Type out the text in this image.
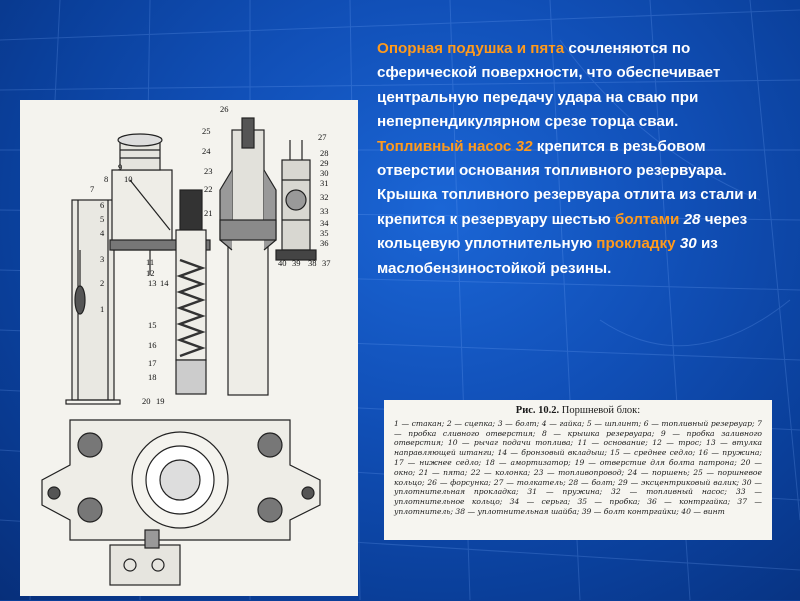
8
7
6
5
4
3
2
1
9
10
11
12
13 14
26
25
24
23
22
21
15
16
17
18
27
28
29
30
31
32
33
34
35
36
37
38
39
40
20 19
Опорная подушка и пята сочленяются по сферической поверхности, что обеспечивает центральную передачу удара на сваю при неперпендикулярном срезе торца сваи.
Топливный насос 32 крепится в резьбовом отверстии основания топливного резервуара.
Крышка топливного резервуара отлита из стали и крепится к резервуару шестью болтами 28 через кольцевую уплотнительную прокладку 30 из маслобензиностойкой резины.
Рис. 10.2. Поршневой блок:
1 — стакан; 2 — сцепка; 3 — болт; 4 — гайка; 5 — шплинт; 6 — топливный резервуар; 7 — пробка сливного отверстия; 8 — крышка резервуара; 9 — пробка заливного отверстия; 10 — рычаг подачи топлива; 11 — основание; 12 — трос; 13 — втулка направляющей штанги; 14 — бронзовый вкладыш; 15 — среднее седло; 16 — пружина; 17 — нижнее седло; 18 — амортизатор; 19 — отверстие для болта патрона; 20 — окно; 21 — пята; 22 — колонка; 23 — топливопровод; 24 — поршень; 25 — поршневое кольцо; 26 — форсунка; 27 — толкатель; 28 — болт; 29 — эксцентриковый валик; 30 — уплотнительная прокладка; 31 — пружина; 32 — топливный насос; 33 — уплотнительное кольцо; 34 — серьга; 35 — пробка; 36 — контргайка; 37 — уплотнитель; 38 — уплотнительная шайба; 39 — болт контргайки; 40 — винт
